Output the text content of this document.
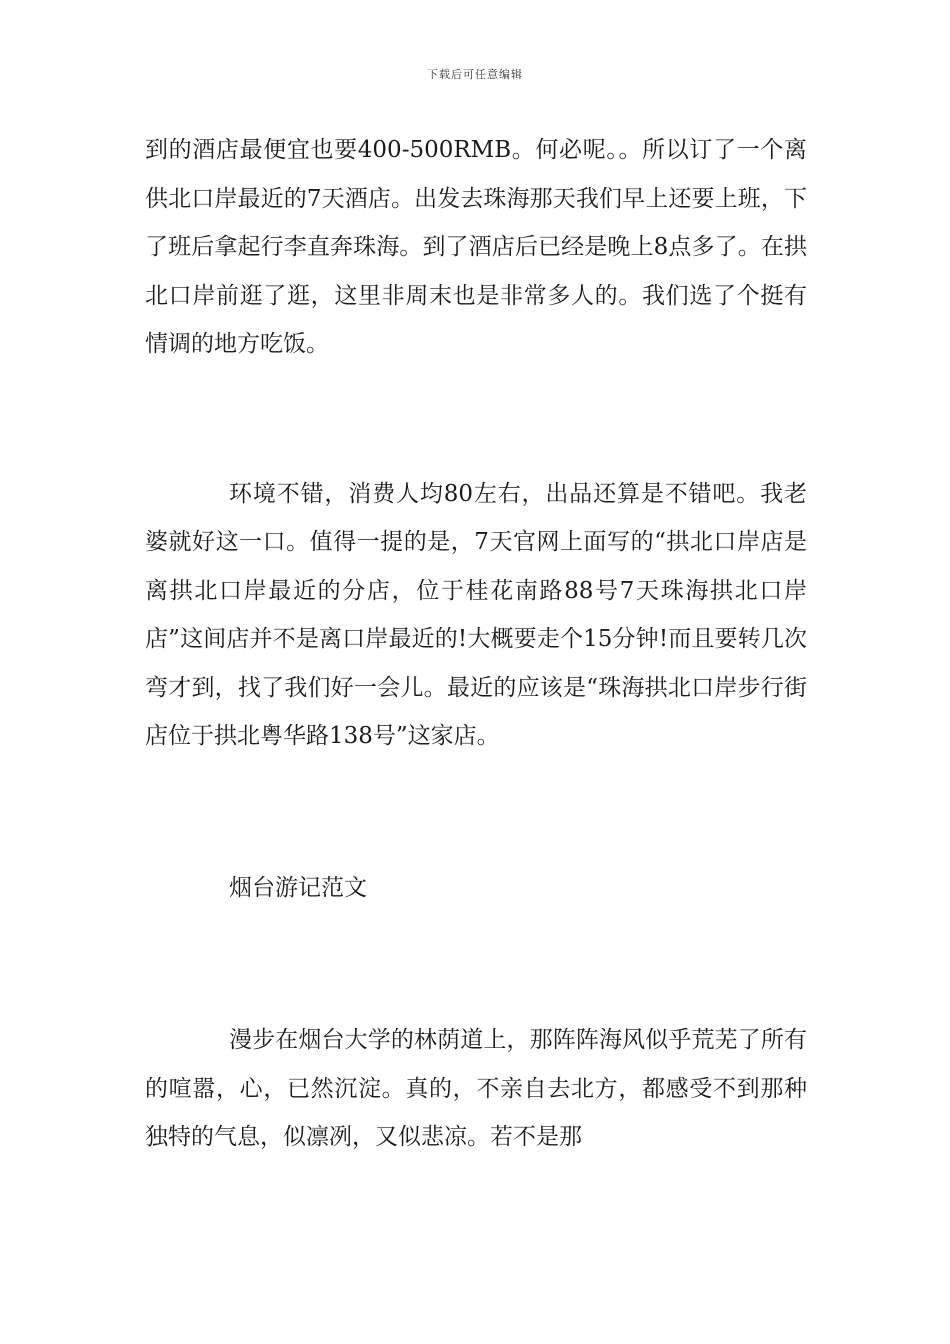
下载后可任意编辑

到的酒店最便宜也要400-500RMB。何必呢。。所以订了一个离供北口岸最近的7天酒店。出发去珠海那天我们早上还要上班，下了班后拿起行李直奔珠海。到了酒店后已经是晚上8点多了。在拱北口岸前逛了逛，这里非周末也是非常多人的。我们选了个挺有情调的地方吃饭。

环境不错，消费人均80左右，出品还算是不错吧。我老婆就好这一口。值得一提的是，7天官网上面写的“拱北口岸店是离拱北口岸最近的分店，位于桂花南路88号7天珠海拱北口岸店”这间店并不是离口岸最近的!大概要走个15分钟!而且要转几次弯才到，找了我们好一会儿。最近的应该是“珠海拱北口岸步行街店位于拱北粤华路138号”这家店。

烟台游记范文

漫步在烟台大学的林荫道上，那阵阵海风似乎荒芜了所有的喧嚣，心，已然沉淀。真的，不亲自去北方，都感受不到那种独特的气息，似凛冽，又似悲凉。若不是那
